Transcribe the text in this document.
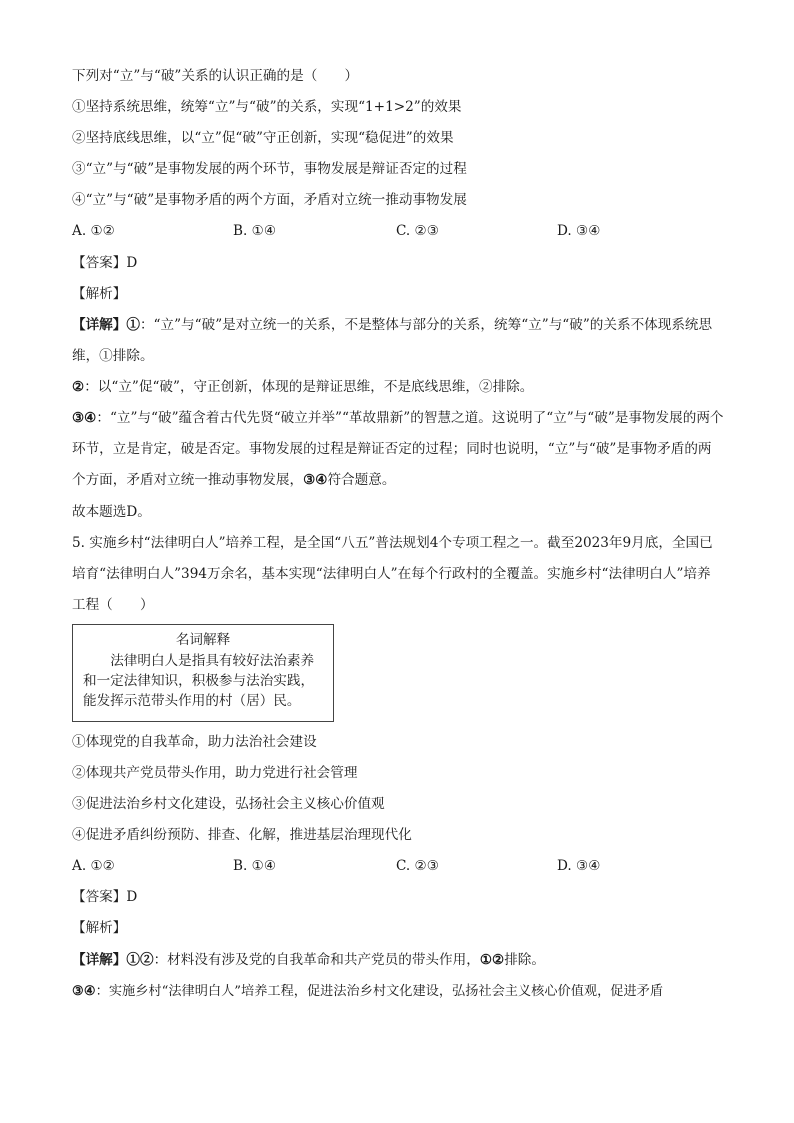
下列对“立”与“破”关系的认识正确的是（　　）
①坚持系统思维，统筹“立”与“破”的关系，实现“1+1>2”的效果
②坚持底线思维，以“立”促“破”守正创新，实现“稳促进”的效果
③“立”与“破”是事物发展的两个环节，事物发展是辩证否定的过程
④“立”与“破”是事物矛盾的两个方面，矛盾对立统一推动事物发展
A. ①②	B. ①④	C. ②③	D. ③④
【答案】D
【解析】
【详解】①：“立”与“破”是对立统一的关系，不是整体与部分的关系，统筹“立”与“破”的关系不体现系统思维，①排除。
②：以“立”促“破”，守正创新，体现的是辩证思维，不是底线思维，②排除。
③④：“立”与“破”蕴含着古代先贤“破立并举”“革故鼎新”的智慧之道。这说明了“立”与“破”是事物发展的两个环节，立是肯定，破是否定。事物发展的过程是辩证否定的过程；同时也说明，“立”与“破”是事物矛盾的两个方面，矛盾对立统一推动事物发展，③④符合题意。
故本题选D。
5. 实施乡村“法律明白人”培养工程，是全国“八五”普法规划4个专项工程之一。截至2023年9月底，全国已培育“法律明白人”394万余名，基本实现“法律明白人”在每个行政村的全覆盖。实施乡村“法律明白人”培养工程（　　）
名词解释
法律明白人是指具有较好法治素养和一定法律知识，积极参与法治实践，能发挥示范带头作用的村（居）民。
①体现党的自我革命，助力法治社会建设
②体现共产党员带头作用，助力党进行社会管理
③促进法治乡村文化建设，弘扬社会主义核心价值观
④促进矛盾纠纷预防、排查、化解，推进基层治理现代化
A. ①②	B. ①④	C. ②③	D. ③④
【答案】D
【解析】
【详解】①②：材料没有涉及党的自我革命和共产党员的带头作用，①②排除。
③④：实施乡村“法律明白人”培养工程，促进法治乡村文化建设，弘扬社会主义核心价值观，促进矛盾
